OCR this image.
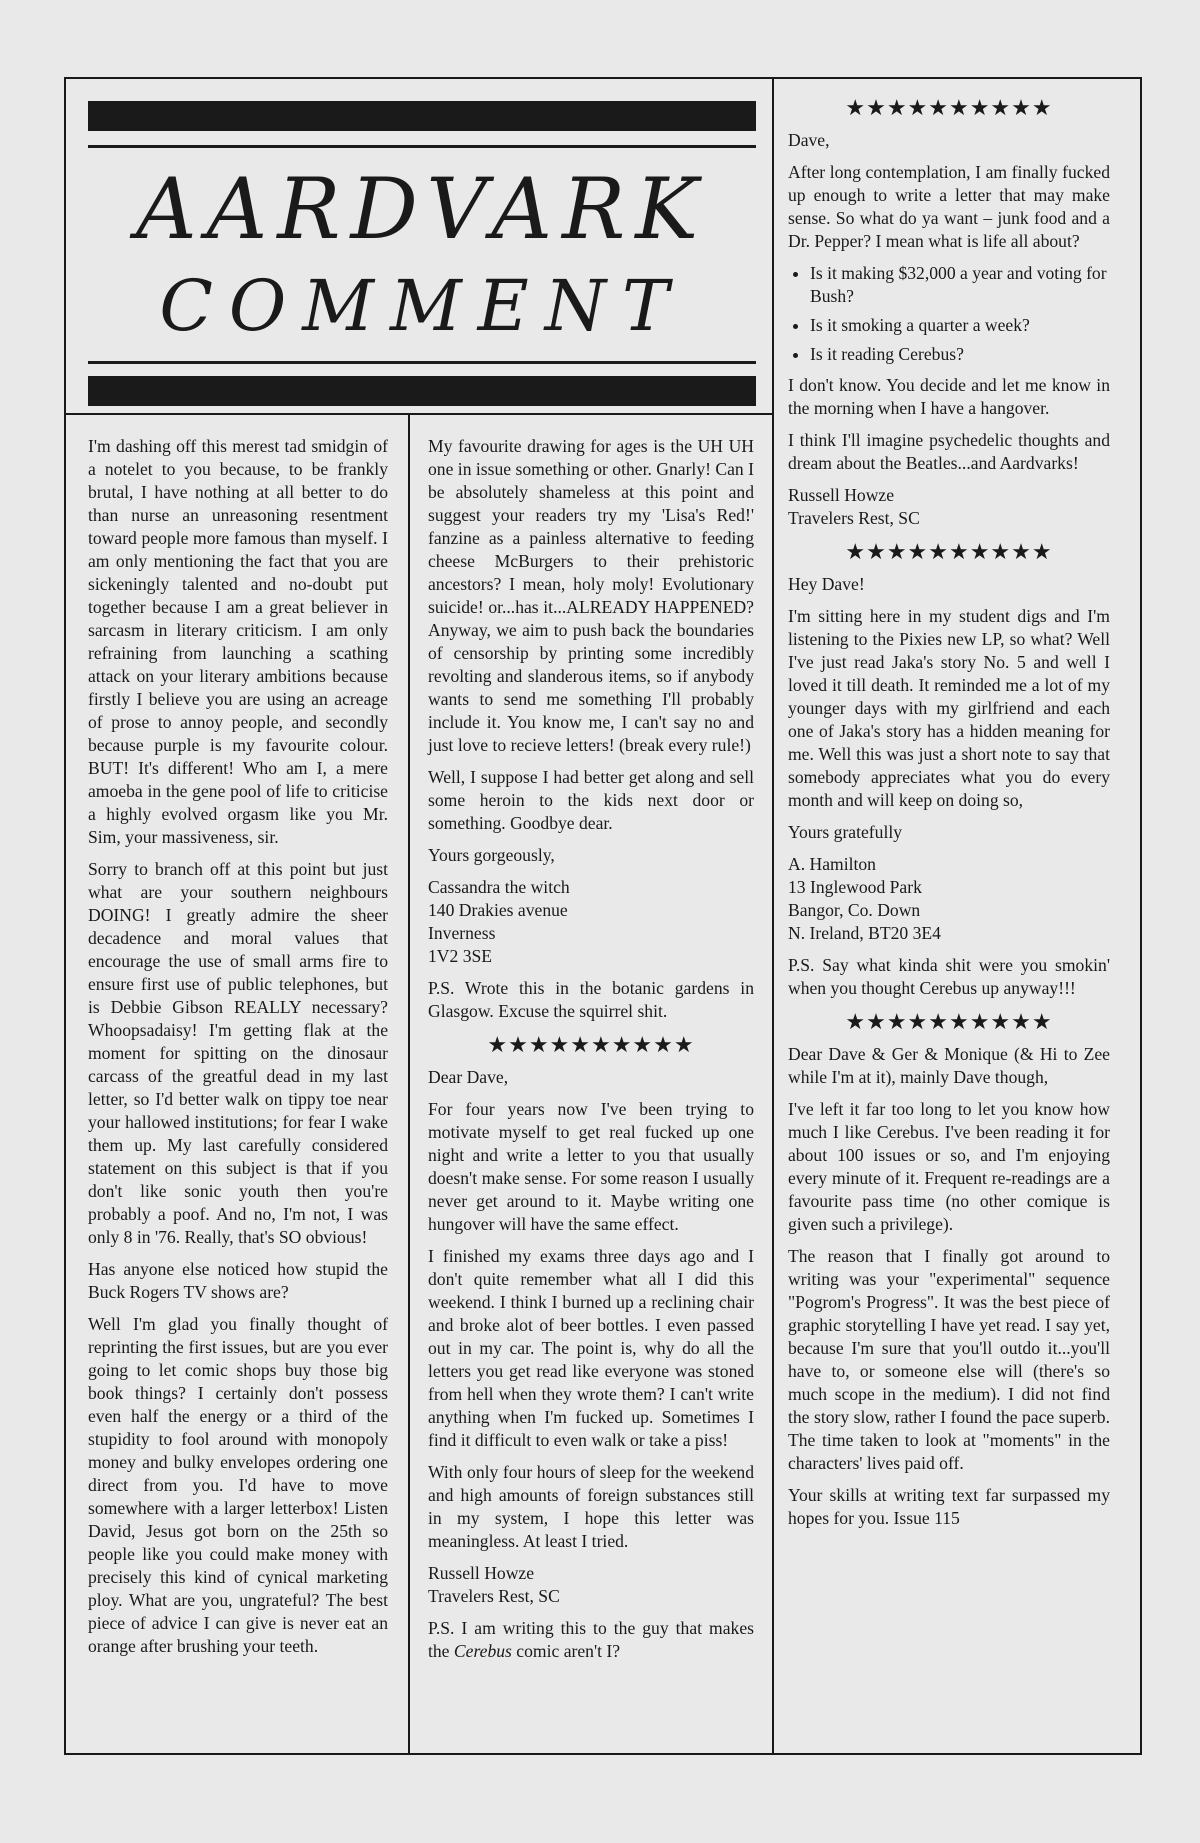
AARDVARK
COMMENT

I'm dashing off this merest tad smidgin of a notelet to you because, to be frankly brutal, I have nothing at all better to do than nurse an unreasoning resentment toward people more famous than myself. I am only mentioning the fact that you are sickeningly talented and no-doubt put together because I am a great believer in sarcasm in literary criticism. I am only refraining from launching a scathing attack on your literary ambitions because firstly I believe you are using an acreage of prose to annoy people, and secondly because purple is my favourite colour. BUT! It's different! Who am I, a mere amoeba in the gene pool of life to criticise a highly evolved orgasm like you Mr. Sim, your massiveness, sir.

Sorry to branch off at this point but just what are your southern neighbours DOING! I greatly admire the sheer decadence and moral values that encourage the use of small arms fire to ensure first use of public telephones, but is Debbie Gibson REALLY necessary? Whoopsadaisy! I'm getting flak at the moment for spitting on the dinosaur carcass of the greatful dead in my last letter, so I'd better walk on tippy toe near your hallowed institutions; for fear I wake them up. My last carefully considered statement on this subject is that if you don't like sonic youth then you're probably a poof. And no, I'm not, I was only 8 in '76. Really, that's SO obvious!

Has anyone else noticed how stupid the Buck Rogers TV shows are?

Well I'm glad you finally thought of reprinting the first issues, but are you ever going to let comic shops buy those big book things? I certainly don't possess even half the energy or a third of the stupidity to fool around with monopoly money and bulky envelopes ordering one direct from you. I'd have to move somewhere with a larger letterbox! Listen David, Jesus got born on the 25th so people like you could make money with precisely this kind of cynical marketing ploy. What are you, ungrateful? The best piece of advice I can give is never eat an orange after brushing your teeth.

My favourite drawing for ages is the UH UH one in issue something or other. Gnarly! Can I be absolutely shameless at this point and suggest your readers try my 'Lisa's Red!' fanzine as a painless alternative to feeding cheese McBurgers to their prehistoric ancestors? I mean, holy moly! Evolutionary suicide! or...has it...ALREADY HAPPENED? Anyway, we aim to push back the boundaries of censorship by printing some incredibly revolting and slanderous items, so if anybody wants to send me something I'll probably include it. You know me, I can't say no and just love to recieve letters! (break every rule!)

Well, I suppose I had better get along and sell some heroin to the kids next door or something. Goodbye dear.

Yours gorgeously,

Cassandra the witch
140 Drakies avenue
Inverness
1V2 3SE

P.S. Wrote this in the botanic gardens in Glasgow. Excuse the squirrel shit.

★★★★★★★★★★

Dear Dave,

For four years now I've been trying to motivate myself to get real fucked up one night and write a letter to you that usually doesn't make sense. For some reason I usually never get around to it. Maybe writing one hungover will have the same effect.

I finished my exams three days ago and I don't quite remember what all I did this weekend. I think I burned up a reclining chair and broke alot of beer bottles. I even passed out in my car. The point is, why do all the letters you get read like everyone was stoned from hell when they wrote them? I can't write anything when I'm fucked up. Sometimes I find it difficult to even walk or take a piss!

With only four hours of sleep for the weekend and high amounts of foreign substances still in my system, I hope this letter was meaningless. At least I tried.

Russell Howze
Travelers Rest, SC

P.S. I am writing this to the guy that makes the Cerebus comic aren't I?

★★★★★★★★★★

Dave,

After long contemplation, I am finally fucked up enough to write a letter that may make sense. So what do ya want – junk food and a Dr. Pepper? I mean what is life all about?

• Is it making $32,000 a year and voting for Bush?
• Is it smoking a quarter a week?
• Is it reading Cerebus?

I don't know. You decide and let me know in the morning when I have a hangover.

I think I'll imagine psychedelic thoughts and dream about the Beatles...and Aardvarks!

Russell Howze
Travelers Rest, SC

★★★★★★★★★★

Hey Dave!

I'm sitting here in my student digs and I'm listening to the Pixies new LP, so what? Well I've just read Jaka's story No. 5 and well I loved it till death. It reminded me a lot of my younger days with my girlfriend and each one of Jaka's story has a hidden meaning for me. Well this was just a short note to say that somebody appreciates what you do every month and will keep on doing so,

Yours gratefully

A. Hamilton
13 Inglewood Park
Bangor, Co. Down
N. Ireland, BT20 3E4

P.S. Say what kinda shit were you smokin' when you thought Cerebus up anyway!!!

★★★★★★★★★★

Dear Dave & Ger & Monique (& Hi to Zee while I'm at it), mainly Dave though,

I've left it far too long to let you know how much I like Cerebus. I've been reading it for about 100 issues or so, and I'm enjoying every minute of it. Frequent re-readings are a favourite pass time (no other comique is given such a privilege).

The reason that I finally got around to writing was your "experimental" sequence "Pogrom's Progress". It was the best piece of graphic storytelling I have yet read. I say yet, because I'm sure that you'll outdo it...you'll have to, or someone else will (there's so much scope in the medium). I did not find the story slow, rather I found the pace superb. The time taken to look at "moments" in the characters' lives paid off.

Your skills at writing text far surpassed my hopes for you. Issue 115
